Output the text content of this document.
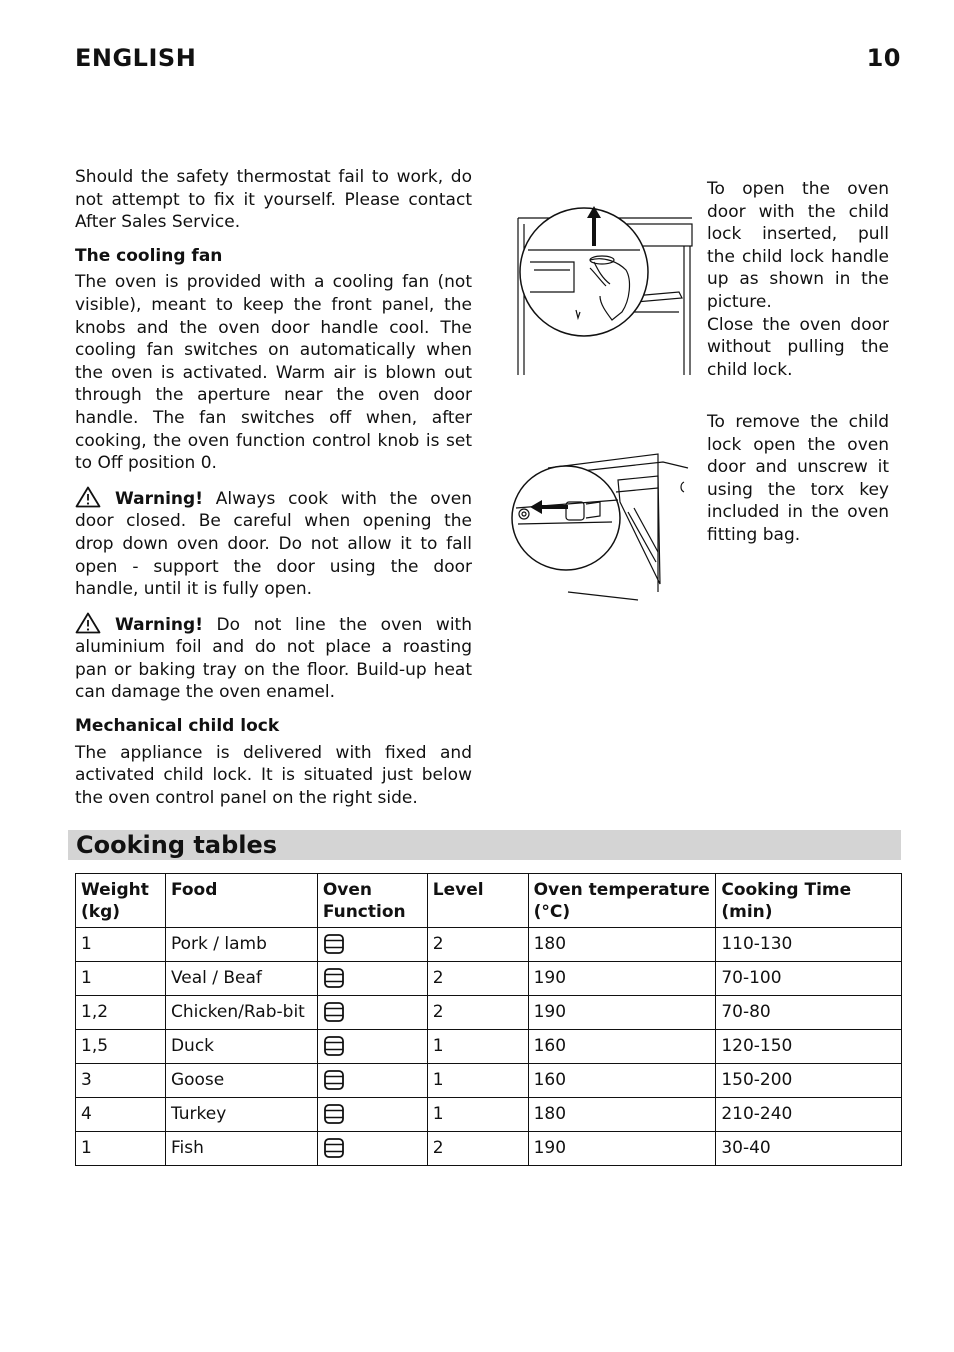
ENGLISH	10

Should the safety thermostat fail to work, do not attempt to fix it yourself. Please contact After Sales Service.

The cooling fan

The oven is provided with a cooling fan (not visible), meant to keep the front panel, the knobs and the oven door handle cool. The cooling fan switches on automatically when the oven is activated. Warm air is blown out through the aperture near the oven door handle. The fan switches off when, after cooking, the oven function control knob is set to Off position 0.

Warning! Always cook with the oven door closed. Be careful when opening the drop down oven door. Do not allow it to fall open - support the door using the door handle, until it is fully open.
Warning! Do not line the oven with aluminium foil and do not place a roasting pan or baking tray on the floor. Build-up heat can damage the oven enamel.
Mechanical child lock

The appliance is delivered with fixed and activated child lock. It is situated just below the oven control panel on the right side.

To open the oven door with the child lock inserted, pull the child lock handle up as shown in the picture.

Close the oven door without pulling the child lock.

To remove the child lock open the oven door and unscrew it using the torx key included in the oven fitting bag.

Cooking tables
Weight (kg)	Food	Oven Function	Level	Oven temperature (°C)	Cooking Time (min)
1	Pork / lamb		2	180	110-130
1	Veal / Beaf		2	190	70-100
1,2	Chicken/Rab-bit		2	190	70-80
1,5	Duck		1	160	120-150
3	Goose		1	160	150-200
4	Turkey		1	180	210-240
1	Fish		2	190	30-40
